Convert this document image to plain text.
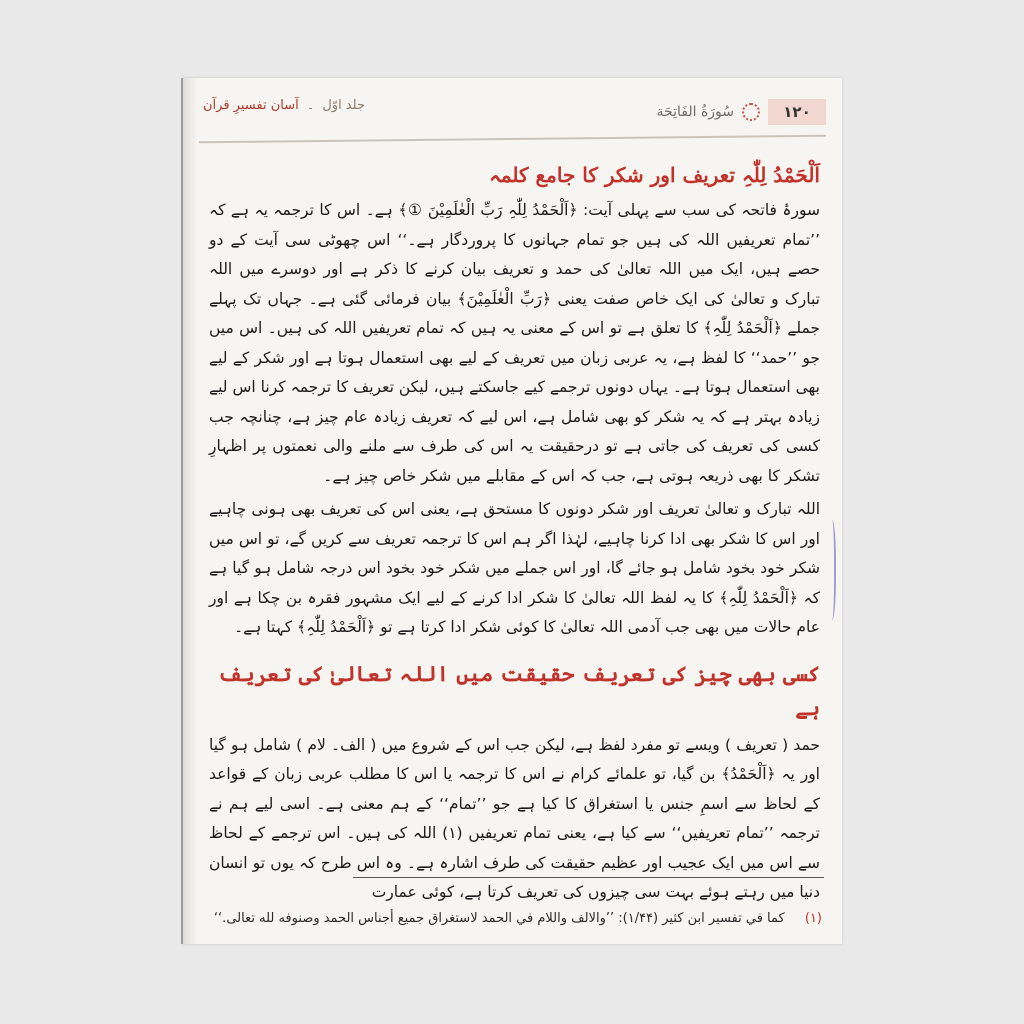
جلد اوّل۔آسان تفسیرِ قرآن	سُورَةُ الفَاتِحَة	۱۲۰
اَلْحَمْدُ لِلّٰہِ تعریف اور شکر کا جامع کلمہ

سورۂ فاتحہ کی سب سے پہلی آیت: ﴿اَلْحَمْدُ لِلّٰہِ رَبِّ الْعٰلَمِیْنَ ①﴾ ہے۔ اس کا ترجمہ یہ ہے کہ ’’تمام تعریفیں اللہ کی ہیں جو تمام جہانوں کا پروردگار ہے۔‘‘ اس چھوٹی سی آیت کے دو حصے ہیں، ایک میں اللہ تعالیٰ کی حمد و تعریف بیان کرنے کا ذکر ہے اور دوسرے میں اللہ تبارک و تعالیٰ کی ایک خاص صفت یعنی ﴿رَبِّ الْعٰلَمِیْنَ﴾ بیان فرمائی گئی ہے۔ جہاں تک پہلے جملے ﴿اَلْحَمْدُ لِلّٰہِ﴾ کا تعلق ہے تو اس کے معنی یہ ہیں کہ تمام تعریفیں اللہ کی ہیں۔ اس میں جو ’’حمد‘‘ کا لفظ ہے، یہ عربی زبان میں تعریف کے لیے بھی استعمال ہوتا ہے اور شکر کے لیے بھی استعمال ہوتا ہے۔ یہاں دونوں ترجمے کیے جاسکتے ہیں، لیکن تعریف کا ترجمہ کرنا اس لیے زیادہ بہتر ہے کہ یہ شکر کو بھی شامل ہے، اس لیے کہ تعریف زیادہ عام چیز ہے، چنانچہ جب کسی کی تعریف کی جاتی ہے تو درحقیقت یہ اس کی طرف سے ملنے والی نعمتوں پر اظہارِ تشکر کا بھی ذریعہ ہوتی ہے، جب کہ اس کے مقابلے میں شکر خاص چیز ہے۔

اللہ تبارک و تعالیٰ تعریف اور شکر دونوں کا مستحق ہے، یعنی اس کی تعریف بھی ہونی چاہیے اور اس کا شکر بھی ادا کرنا چاہیے، لہٰذا اگر ہم اس کا ترجمہ تعریف سے کریں گے، تو اس میں شکر خود بخود شامل ہو جائے گا، اور اس جملے میں شکر خود بخود اس درجہ شامل ہو گیا ہے کہ ﴿اَلْحَمْدُ لِلّٰہِ﴾ کا یہ لفظ اللہ تعالیٰ کا شکر ادا کرنے کے لیے ایک مشہور فقرہ بن چکا ہے اور عام حالات میں بھی جب آدمی اللہ تعالیٰ کا کوئی شکر ادا کرتا ہے تو ﴿اَلْحَمْدُ لِلّٰہِ﴾ کہتا ہے۔

کسی بھی چیز کی تعریف حقیقت میں اللہ تعالیٰ کی تعریف ہے

حمد ( تعریف ) ویسے تو مفرد لفظ ہے، لیکن جب اس کے شروع میں ( الف۔ لام ) شامل ہو گیا اور یہ ﴿اَلْحَمْدُ﴾ بن گیا، تو علمائے کرام نے اس کا ترجمہ یا اس کا مطلب عربی زبان کے قواعد کے لحاظ سے اسمِ جنس یا استغراق کا کیا ہے جو ’’تمام‘‘ کے ہم معنی ہے۔ اسی لیے ہم نے ترجمہ ’’تمام تعریفیں‘‘ سے کیا ہے، یعنی تمام تعریفیں (۱) اللہ کی ہیں۔ اس ترجمے کے لحاظ سے اس میں ایک عجیب اور عظیم حقیقت کی طرف اشارہ ہے۔ وہ اس طرح کہ یوں تو انسان دنیا میں رہتے ہوئے بہت سی چیزوں کی تعریف کرتا ہے، کوئی عمارت

(۱) کما في تفسير ابن کثير (۱/۴۴): ’’والالف واللام في الحمد لاستغراق جميع أجناس الحمد وصنوفه لله تعالى.‘‘
